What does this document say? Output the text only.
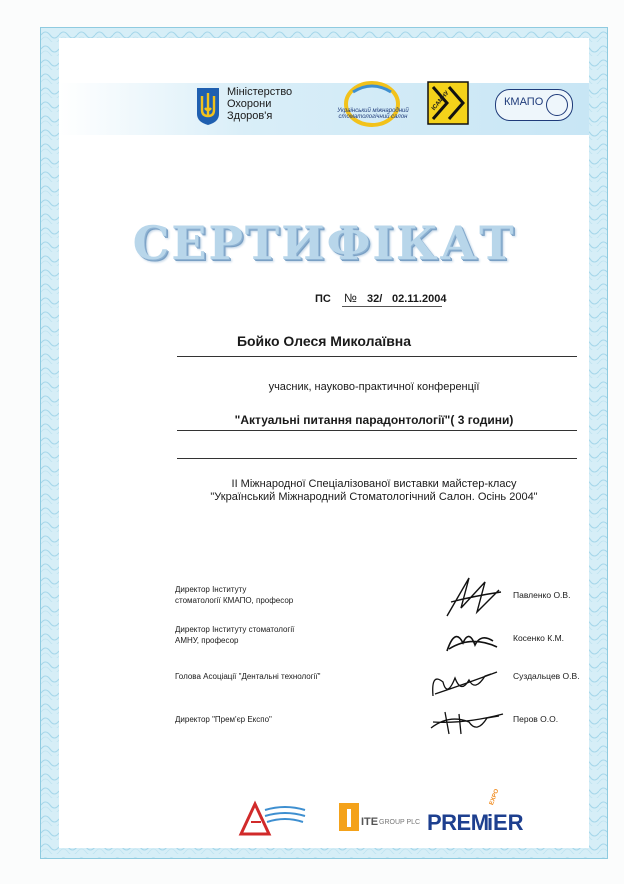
Міністерство
Охорони
Здоров'я	Український міжнародний стоматологічний салон
ІСАМНУ	КМАПО
СЕРТИФІКАТ
ПС № 32/ 02.11.2004
Бойко Олеся Миколаївна
учасник, науково-практичної конференції
"Актуальні питання парадонтології"( 3 години)
ІІ Міжнародної Спеціалізованої виставки майстер-класу
"Український Міжнародний Стоматологічний Салон. Осінь 2004"
Директор Інституту
стоматології КМАПО, професор
Павленко О.В.
Директор Інституту стоматології
АМНУ, професор	Косенко К.М.
Голова Асоціації "Дентальні технології"	Суздальцев О.В.
Директор "Прем'єр Експо"	Перов О.О.
ITE GROUP PLC PREM
i ER
EXPO
